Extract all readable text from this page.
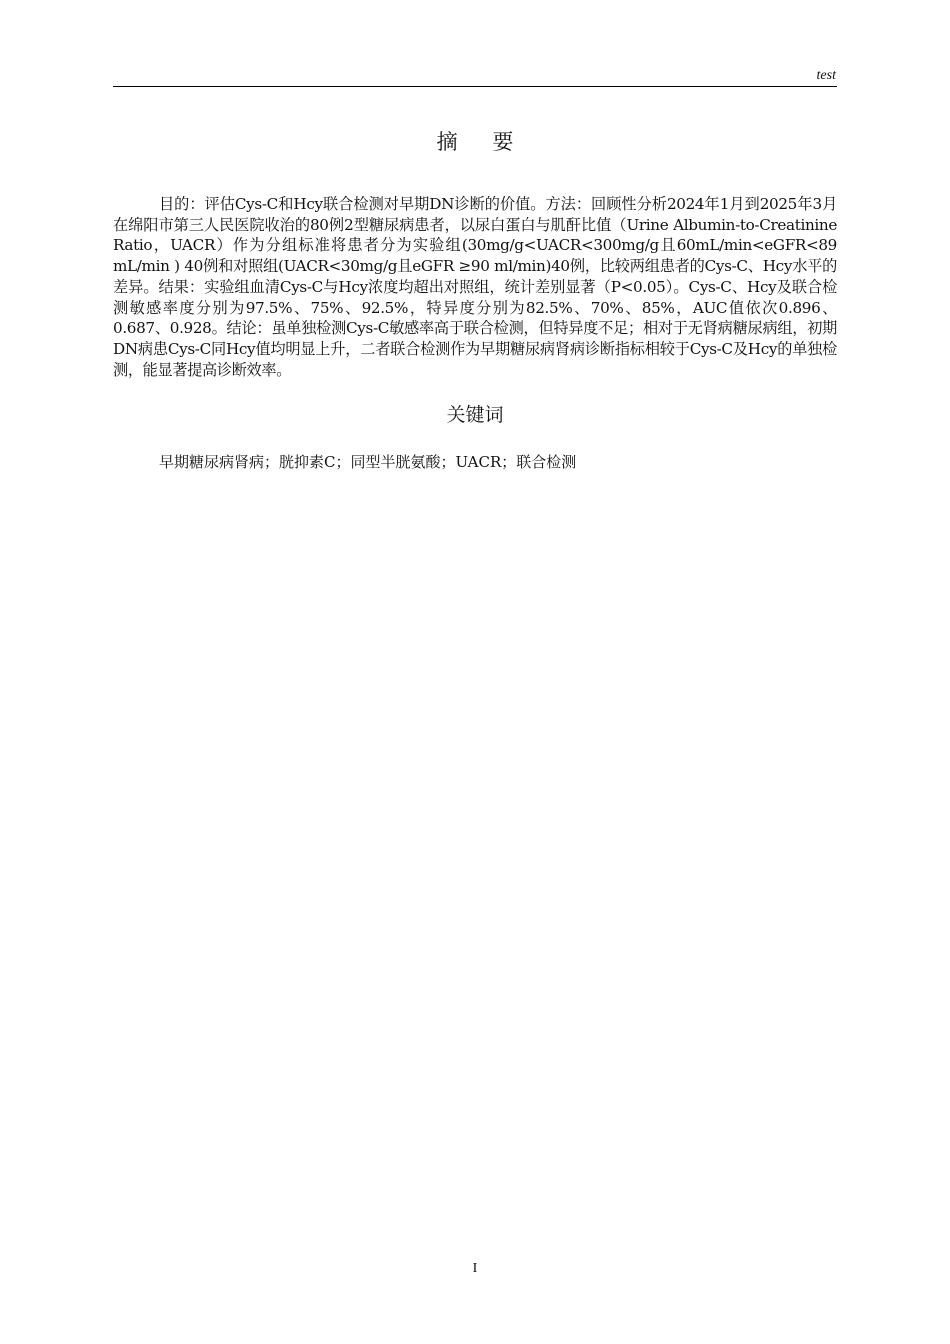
test
摘 要

目的：评估Cys-C和Hcy联合检测对早期DN诊断的价值。方法：回顾性分析2024年1月到2025年3月在绵阳市第三人民医院收治的80例2型糖尿病患者，以尿白蛋白与肌酐比值（Urine Albumin-to-Creatinine Ratio，UACR）作为分组标准将患者分为实验组(30mg/g<UACR<300mg/g且60mL/min<eGFR<89 mL/min ) 40例和对照组(UACR<30mg/g且eGFR ≥90 ml/min)40例，比较两组患者的Cys-C、Hcy水平的差异。结果：实验组血清Cys-C与Hcy浓度均超出对照组，统计差别显著（P<0.05）。Cys-C、Hcy及联合检测敏感率度分别为97.5%、75%、92.5%，特异度分别为82.5%、70%、85%，AUC值依次0.896、0.687、0.928。结论：虽单独检测Cys-C敏感率高于联合检测，但特异度不足；相对于无肾病糖尿病组，初期DN病患Cys-C同Hcy值均明显上升，二者联合检测作为早期糖尿病肾病诊断指标相较于Cys-C及Hcy的单独检测，能显著提高诊断效率。

关键词

早期糖尿病肾病；胱抑素C；同型半胱氨酸；UACR；联合检测

I
